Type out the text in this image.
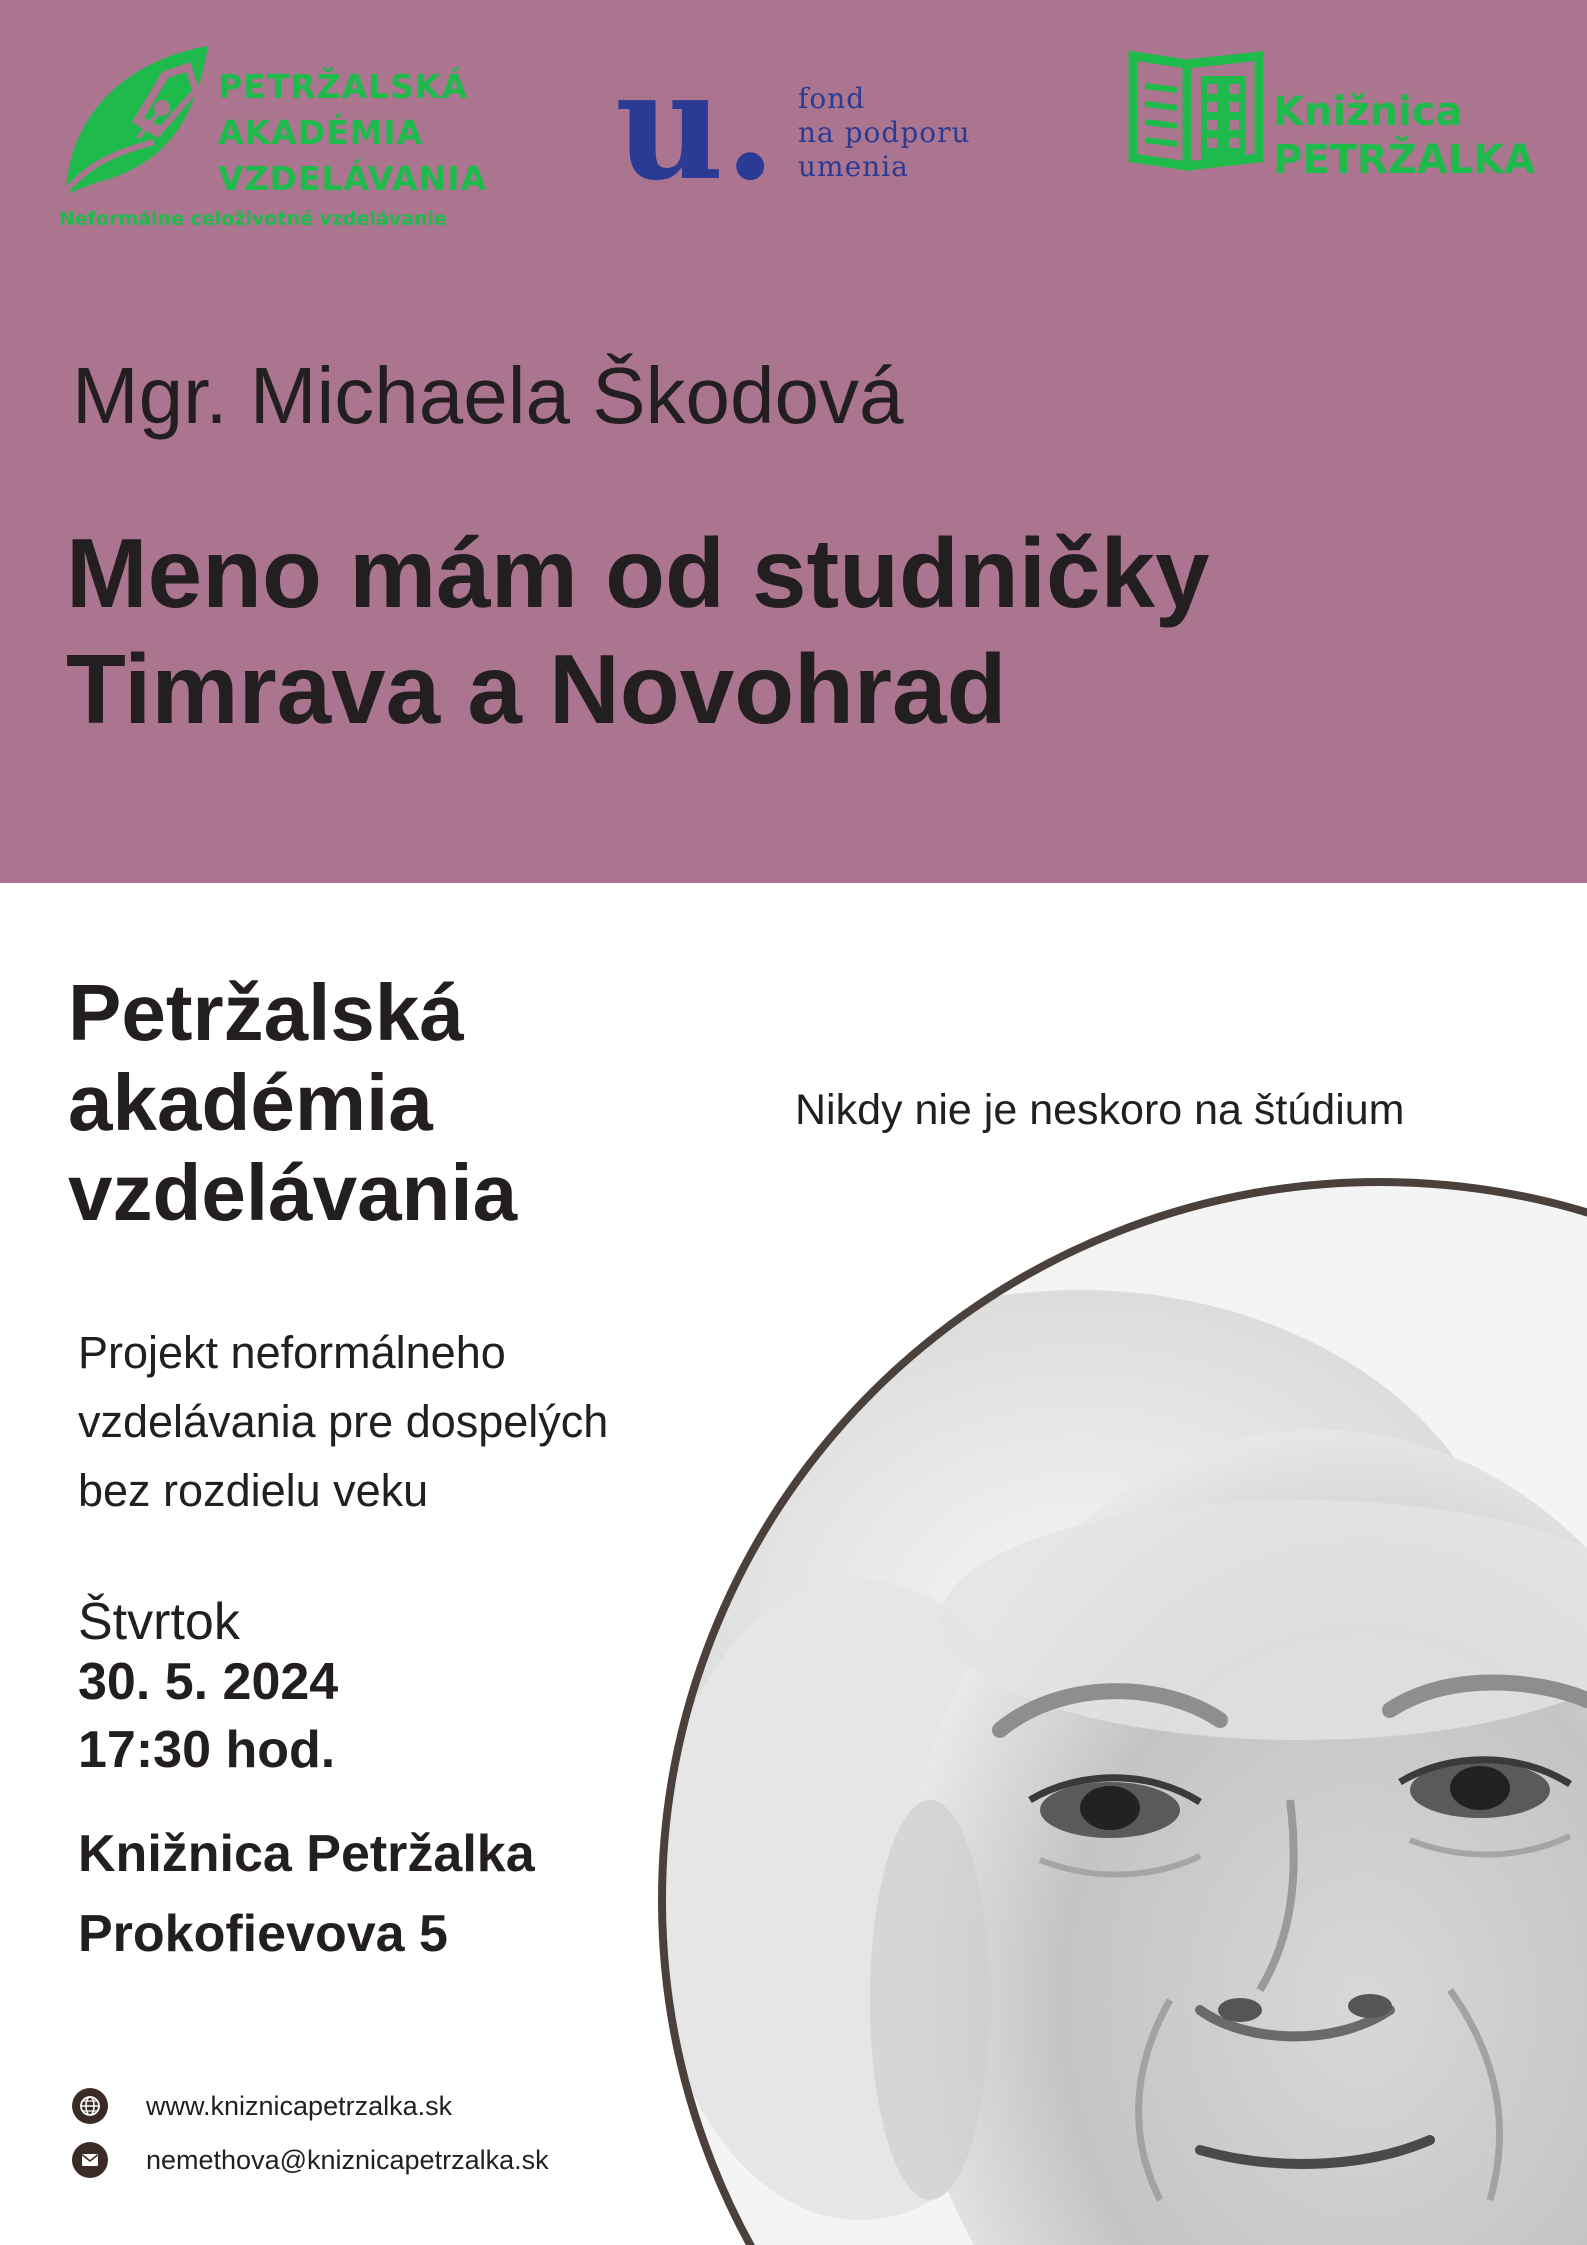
PETRŽALSKÁ
AKADÉMIA
VZDELÁVANIA
Neformálne celoživotné vzdelávanie
u. fond
na podporu
umenia
Knižnica
PETRŽALKA
Mgr. Michaela Škodová
Meno mám od studničky
Timrava a Novohrad
Petržalská
akadémia
vzdelávania
Nikdy nie je neskoro na štúdium
Projekt neformálneho
vzdelávania pre dospelých
bez rozdielu veku
Štvrtok
30. 5. 2024
17:30 hod.
Knižnica Petržalka
Prokofievova 5
www.kniznicapetrzalka.sk
nemethova@kniznicapetrzalka.sk
